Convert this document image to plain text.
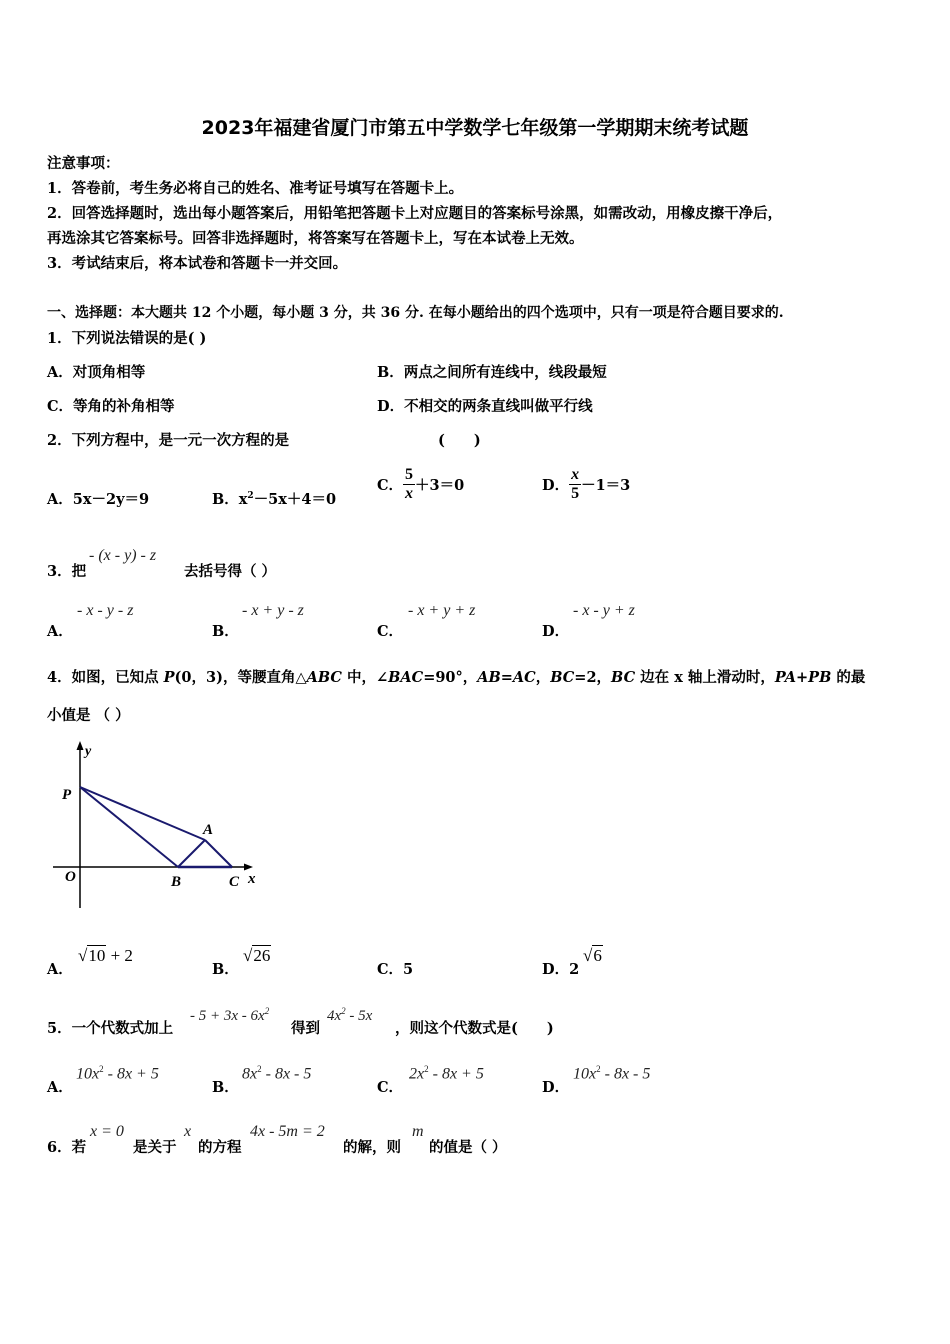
2023年福建省厦门市第五中学数学七年级第一学期期末统考试题
注意事项：
1．答卷前，考生务必将自己的姓名、准考证号填写在答题卡上。
2．回答选择题时，选出每小题答案后，用铅笔把答题卡上对应题目的答案标号涂黑，如需改动，用橡皮擦干净后，
再选涂其它答案标号。回答非选择题时，将答案写在答题卡上，写在本试卷上无效。
3．考试结束后，将本试卷和答题卡一并交回。
一、选择题：本大题共 12 个小题，每小题 3 分，共 36 分. 在每小题给出的四个选项中，只有一项是符合题目要求的.
1．下列说法错误的是( )
A．对顶角相等	B．两点之间所有连线中，线段最短
C．等角的补角相等	D．不相交的两条直线叫做平行线
2．下列方程中，是一元一次方程的是	(　　)
A．5x－2y＝9	B．$x^2-5x+4=0$
C． $\frac{5}{x} +3=0$	D． $\frac{x}{5} -1=3$
3．把
- (x - y) - z
去括号得（ ）
A．
- x - y - z
B．
- x + y - z
C．
- x + y + z
D．
- x - y + z
4．如图，已知点 P(0，3)，等腰直角△ABC 中，∠BAC=90°，AB=AC，BC=2，BC 边在 x 轴上滑动时，PA+PB 的最
小值是 （ ）
y
P
A
O	B	C x
A．
√10 + 2
B．
√26
C．5	D．2
√6
5．一个代数式加上
- $5 + 3x - 6x^2$
得到
$4x^2 - 5x$
，则这个代数式是(　　)
A．
$10x^2 - 8x + 5$
B．
$8x^2 - 8x - 5$
C．
$2x^2 - 8x + 5$
D．
$10x^2 - 8x - 5$
6．若
x = 0
是关于
x
的方程
4x - 5m = 2
的解，则
m
的值是（ ）
